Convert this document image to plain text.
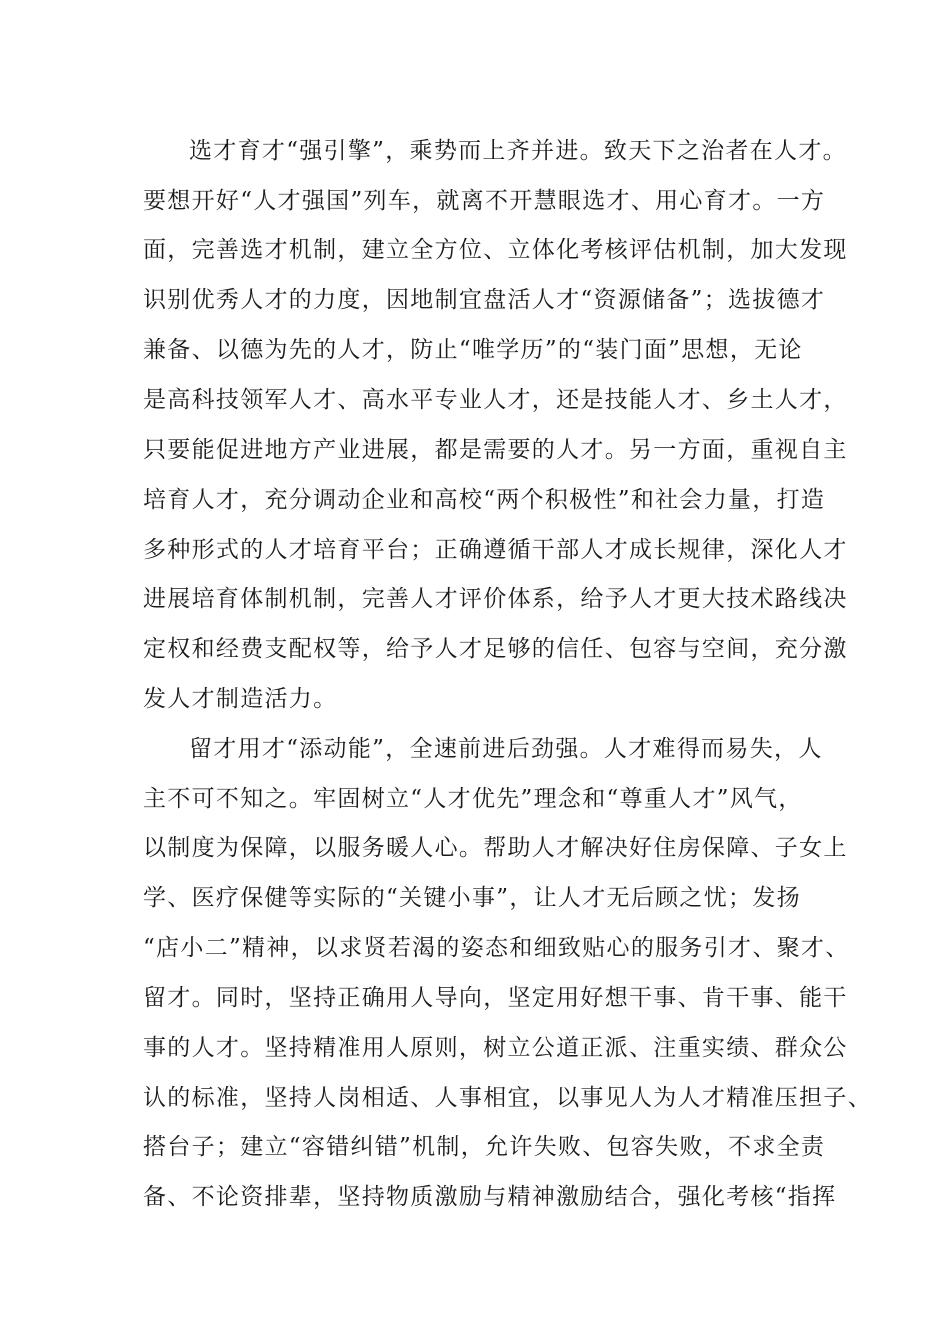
选才育才“强引擎”，乘势而上齐并进。致天下之治者在人才。
要想开好“人才强国”列车，就离不开慧眼选才、用心育才。一方
面，完善选才机制，建立全方位、立体化考核评估机制，加大发现
识别优秀人才的力度，因地制宜盘活人才“资源储备”；选拔德才
兼备、以德为先的人才，防止“唯学历”的“装门面”思想，无论
是高科技领军人才、高水平专业人才，还是技能人才、乡土人才，
只要能促进地方产业进展，都是需要的人才。另一方面，重视自主
培育人才，充分调动企业和高校“两个积极性”和社会力量，打造
多种形式的人才培育平台；正确遵循干部人才成长规律，深化人才
进展培育体制机制，完善人才评价体系，给予人才更大技术路线决
定权和经费支配权等，给予人才足够的信任、包容与空间，充分激
发人才制造活力。
留才用才“添动能”，全速前进后劲强。人才难得而易失，人
主不可不知之。牢固树立“人才优先”理念和“尊重人才”风气，
以制度为保障，以服务暖人心。帮助人才解决好住房保障、子女上
学、医疗保健等实际的“关键小事”，让人才无后顾之忧；发扬
“店小二”精神，以求贤若渴的姿态和细致贴心的服务引才、聚才、
留才。同时，坚持正确用人导向，坚定用好想干事、肯干事、能干
事的人才。坚持精准用人原则，树立公道正派、注重实绩、群众公
认的标准，坚持人岗相适、人事相宜，以事见人为人才精准压担子、
搭台子；建立“容错纠错”机制，允许失败、包容失败，不求全责
备、不论资排辈，坚持物质激励与精神激励结合，强化考核“指挥
